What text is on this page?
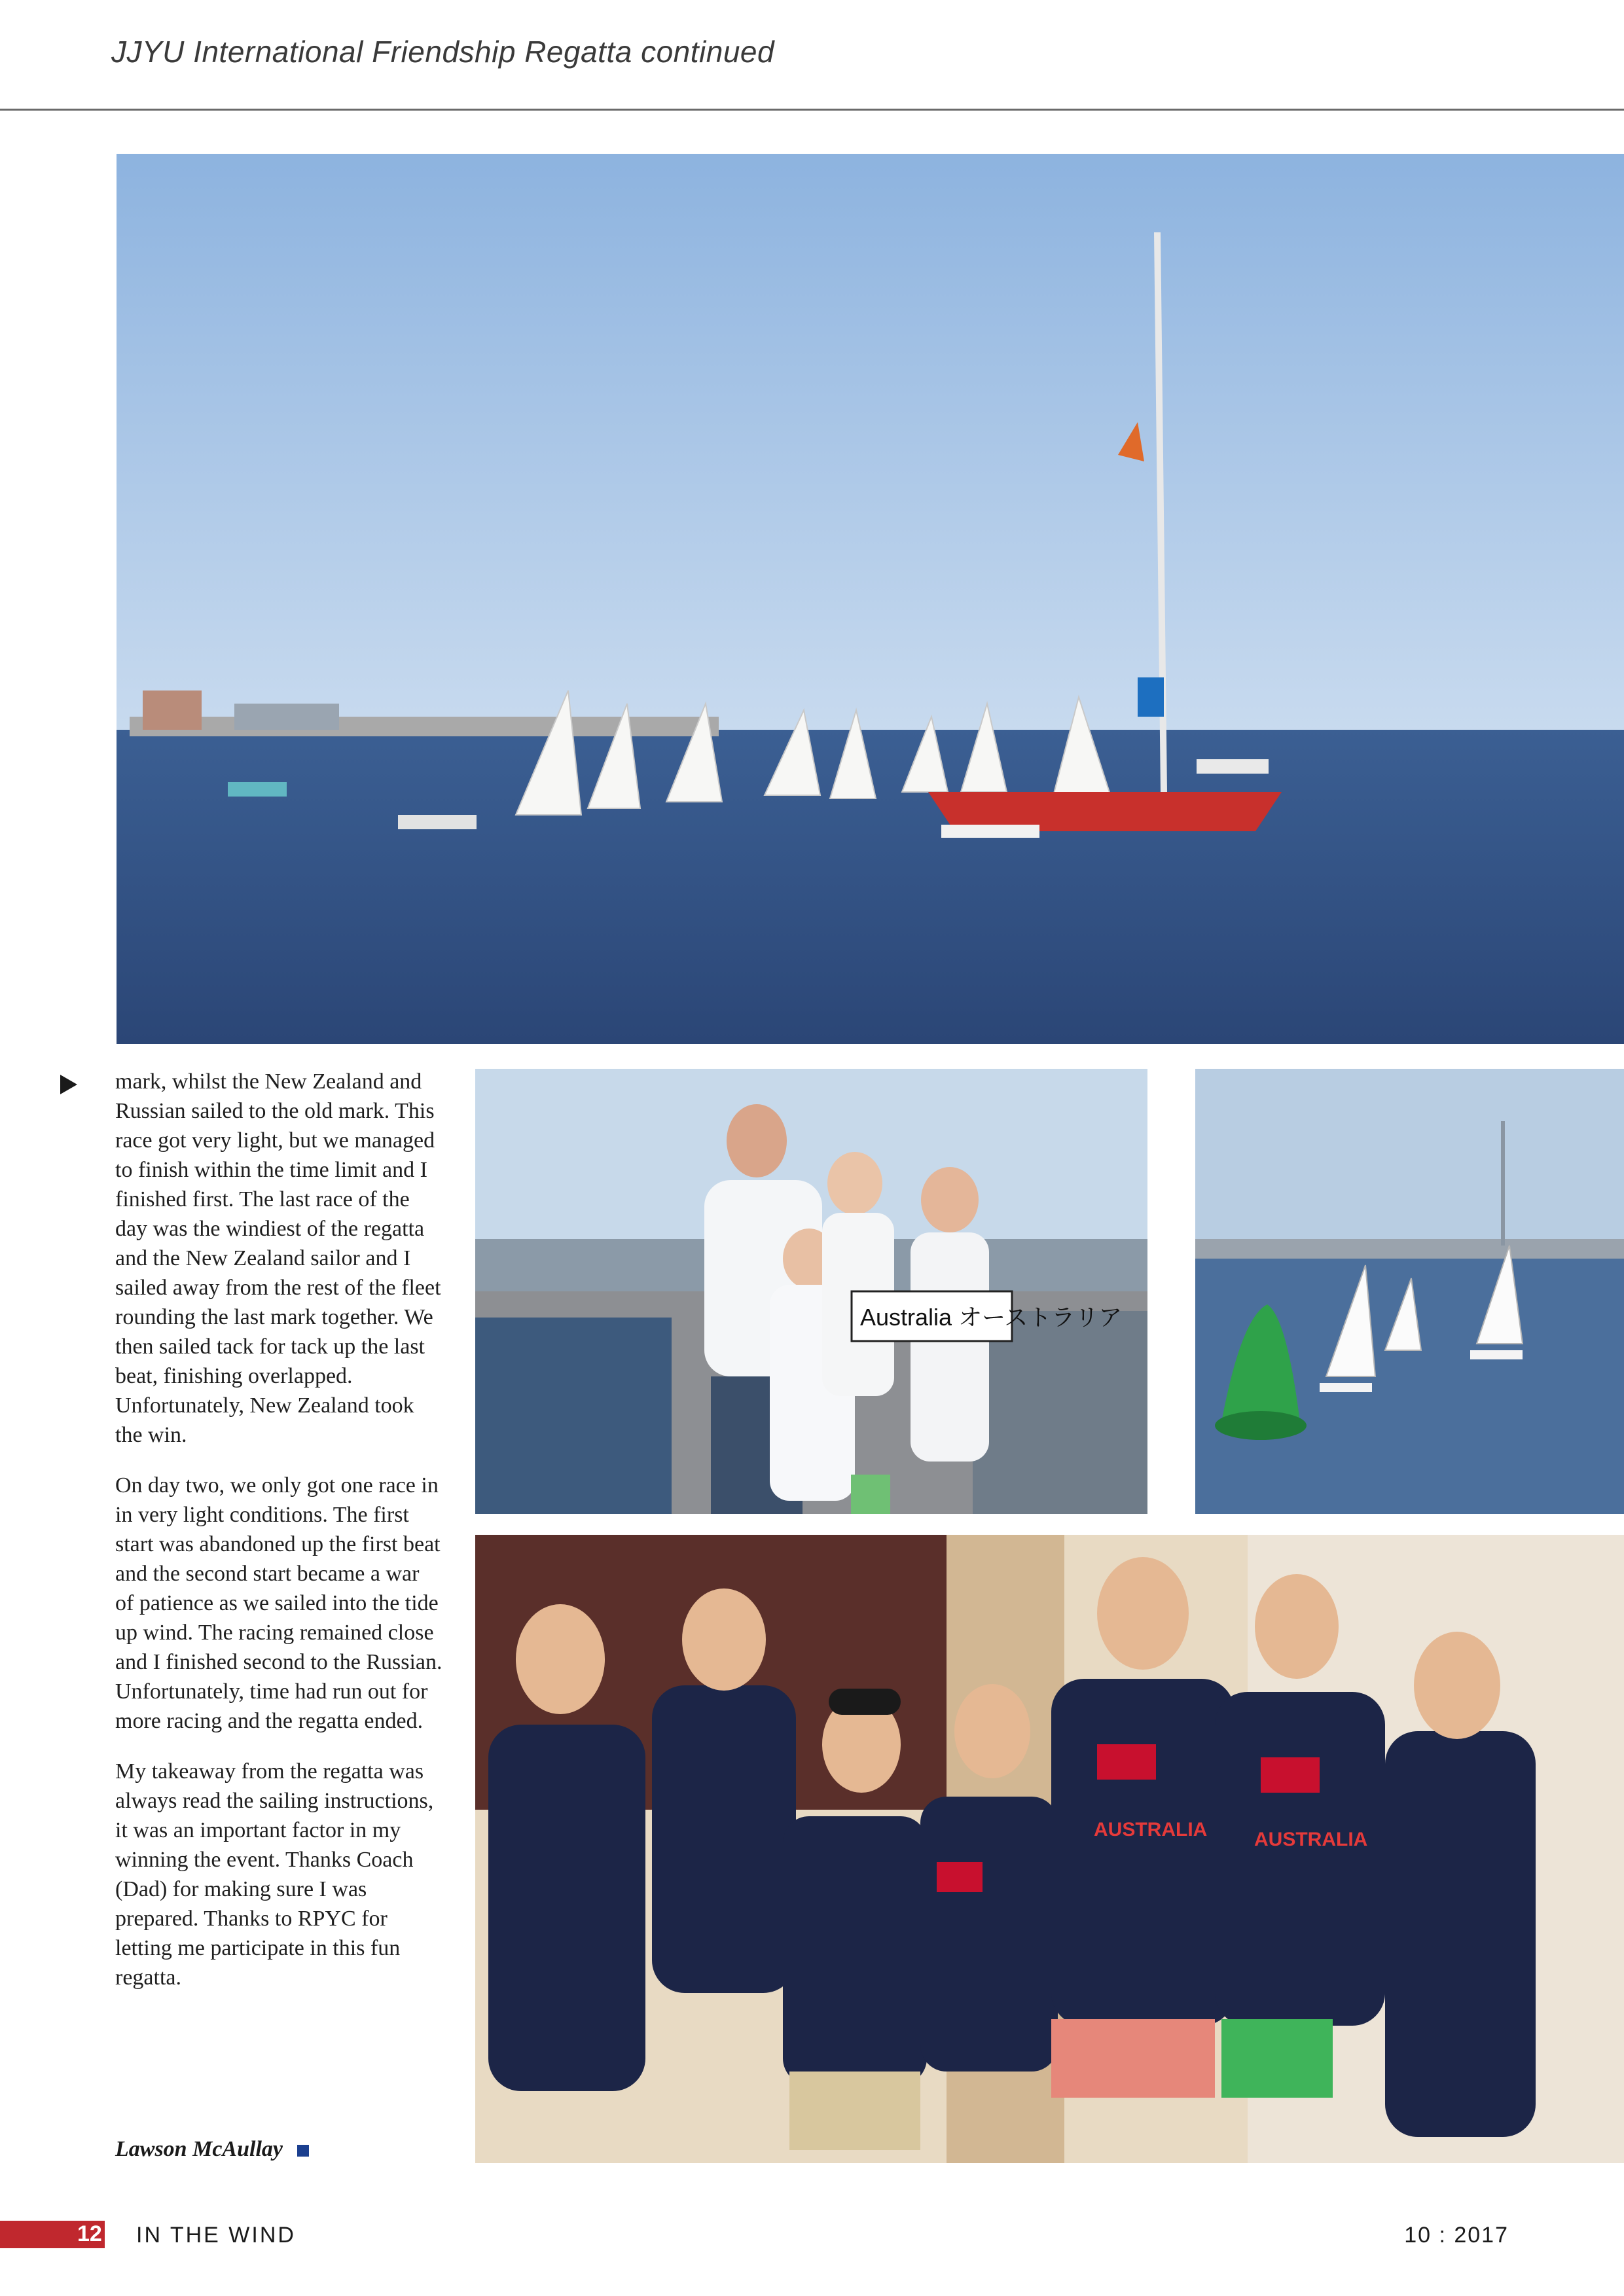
JJYU International Friendship Regatta continued
Australia オーストラリア
AUSTRALIA AUSTRALIA

mark, whilst the New Zealand and Russian sailed to the old mark. This race got very light, but we managed to finish within the time limit and I finished first. The last race of the day was the windiest of the regatta and the New Zealand sailor and I sailed away from the rest of the fleet rounding the last mark together. We then sailed tack for tack up the last beat, finishing overlapped. Unfortunately, New Zealand took the win.

On day two, we only got one race in in very light conditions. The first start was abandoned up the first beat and the second start became a war of patience as we sailed into the tide up wind. The racing remained close and I finished second to the Russian. Unfortunately, time had run out for more racing and the regatta ended.

My takeaway from the regatta was always read the sailing instructions, it was an important factor in my winning the event. Thanks Coach (Dad) for making sure I was prepared. Thanks to RPYC for letting me participate in this fun regatta.

Lawson McAullay
12 IN THE WIND	10 : 2017
